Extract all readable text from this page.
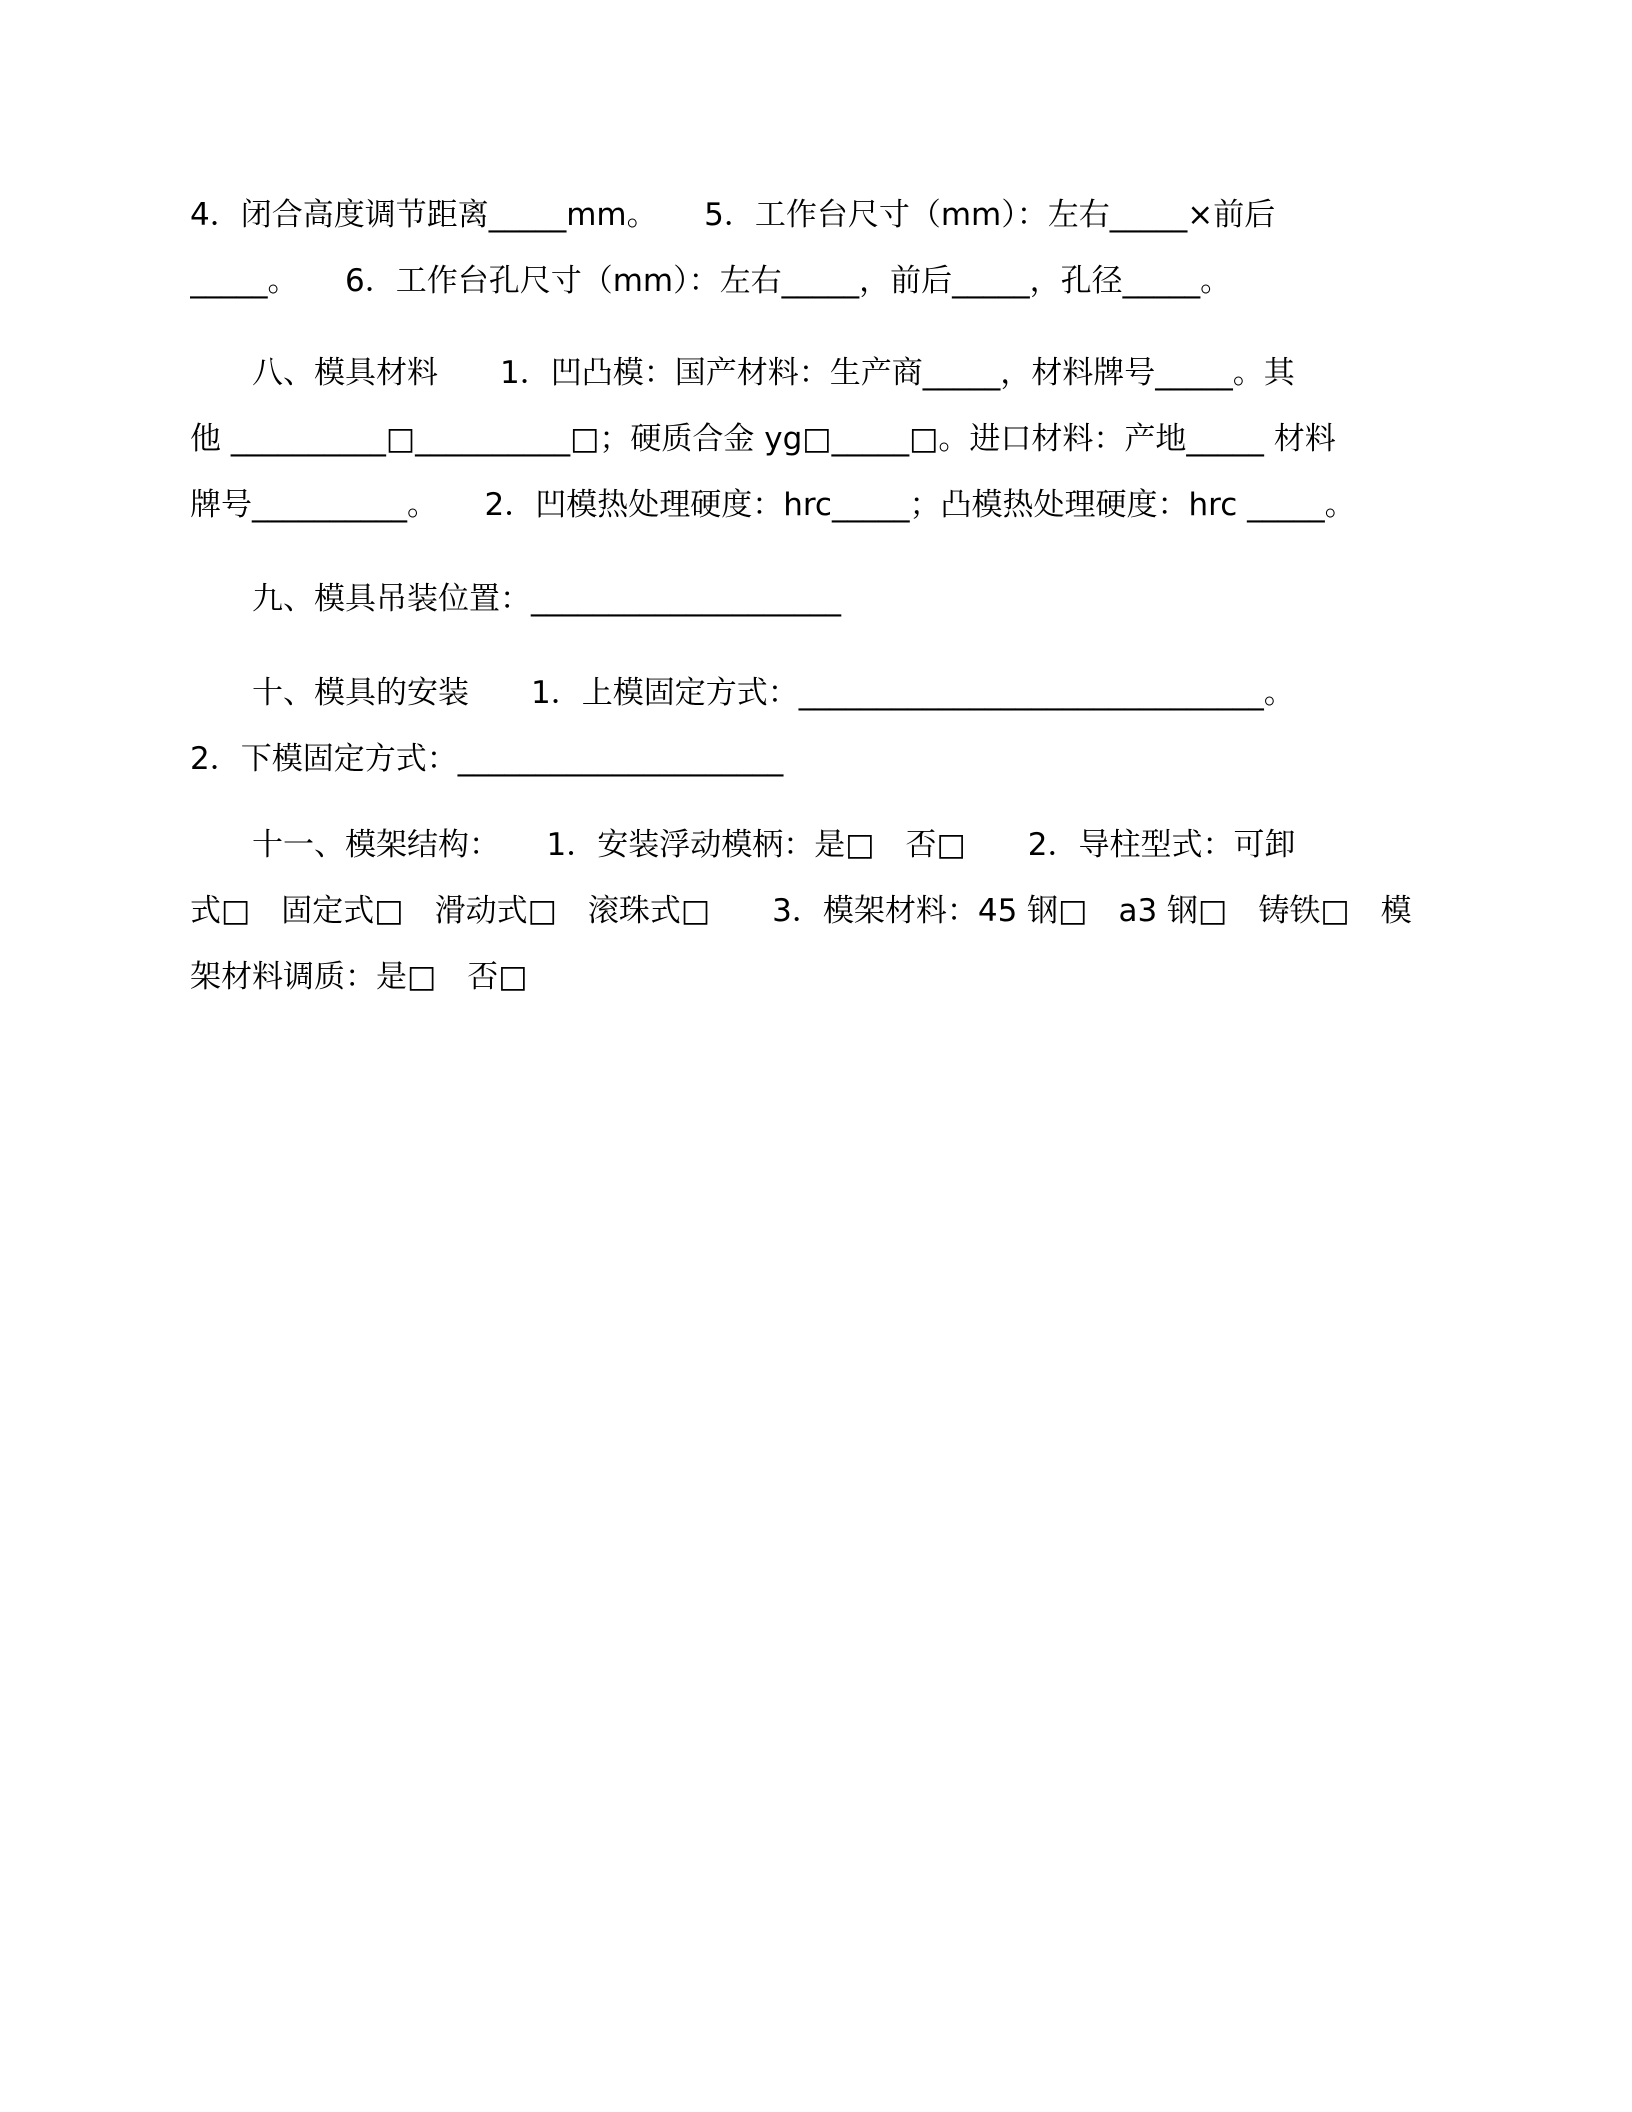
4．闭合高度调节距离_____mm。　　5．工作台尺寸（mm）：左右_____×前后
_____。　　6．工作台孔尺寸（mm）：左右_____，前后_____，孔径_____。
　　八、模具材料　　1．凹凸模：国产材料：生产商_____，材料牌号_____。其
他 __________□__________□；硬质合金 yg□_____□。进口材料：产地_____ 材料
牌号__________。　　2．凹模热处理硬度：hrc_____；凸模热处理硬度：hrc _____。
　　九、模具吊装位置：____________________
　　十、模具的安装　　1．上模固定方式：______________________________。
2．下模固定方式：_____________________
　　十一、模架结构：　　1．安装浮动模柄：是□　否□　　2．导柱型式：可卸
式□　固定式□　滑动式□　滚珠式□　　3．模架材料：45 钢□　a3 钢□　铸铁□　模
架材料调质：是□　否□
